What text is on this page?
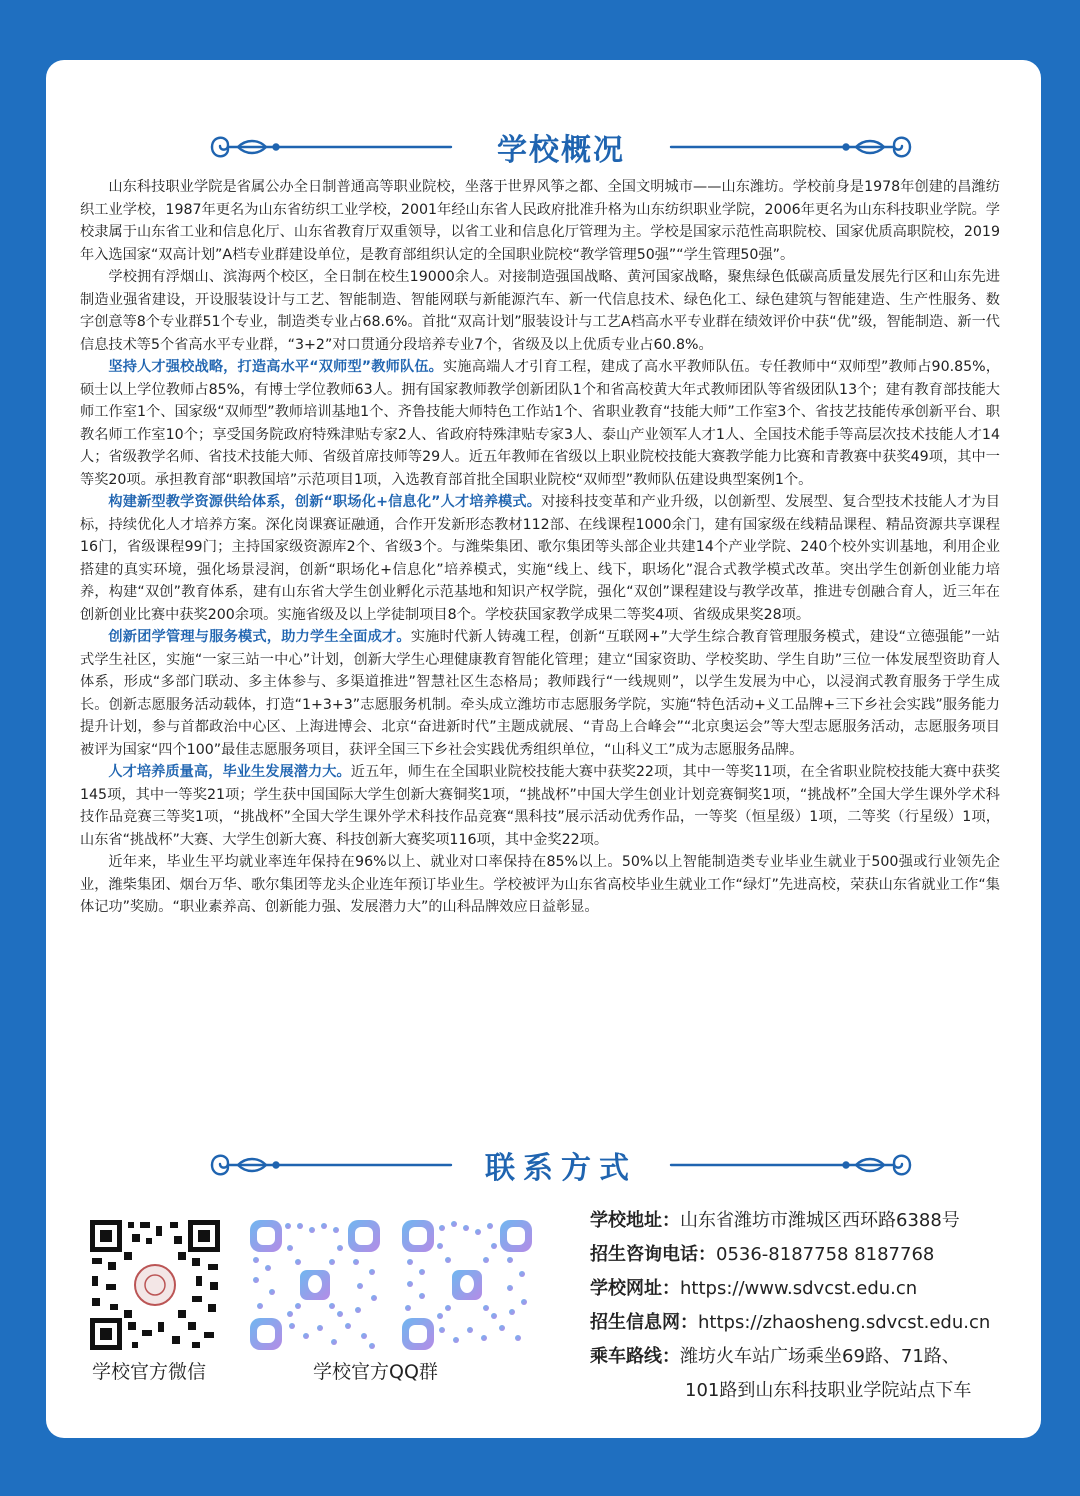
学校概况

山东科技职业学院是省属公办全日制普通高等职业院校，坐落于世界风筝之都、全国文明城市——山东潍坊。学校前身是1978年创建的昌潍纺织工业学校，1987年更名为山东省纺织工业学校，2001年经山东省人民政府批准升格为山东纺织职业学院，2006年更名为山东科技职业学院。学校隶属于山东省工业和信息化厅、山东省教育厅双重领导，以省工业和信息化厅管理为主。学校是国家示范性高职院校、国家优质高职院校，2019年入选国家“双高计划”A档专业群建设单位，是教育部组织认定的全国职业院校“教学管理50强”“学生管理50强”。

学校拥有浮烟山、滨海两个校区，全日制在校生19000余人。对接制造强国战略、黄河国家战略，聚焦绿色低碳高质量发展先行区和山东先进制造业强省建设，开设服装设计与工艺、智能制造、智能网联与新能源汽车、新一代信息技术、绿色化工、绿色建筑与智能建造、生产性服务、数字创意等8个专业群51个专业，制造类专业占68.6%。首批“双高计划”服装设计与工艺A档高水平专业群在绩效评价中获“优”级，智能制造、新一代信息技术等5个省高水平专业群，“3+2”对口贯通分段培养专业7个，省级及以上优质专业占60.8%。

坚持人才强校战略，打造高水平“双师型”教师队伍。实施高端人才引育工程，建成了高水平教师队伍。专任教师中“双师型”教师占90.85%，硕士以上学位教师占85%，有博士学位教师63人。拥有国家教师教学创新团队1个和省高校黄大年式教师团队等省级团队13个；建有教育部技能大师工作室1个、国家级“双师型”教师培训基地1个、齐鲁技能大师特色工作站1个、省职业教育“技能大师”工作室3个、省技艺技能传承创新平台、职教名师工作室10个；享受国务院政府特殊津贴专家2人、省政府特殊津贴专家3人、泰山产业领军人才1人、全国技术能手等高层次技术技能人才14人；省级教学名师、省技术技能大师、省级首席技师等29人。近五年教师在省级以上职业院校技能大赛教学能力比赛和青教赛中获奖49项，其中一等奖20项。承担教育部“职教国培”示范项目1项，入选教育部首批全国职业院校“双师型”教师队伍建设典型案例1个。

构建新型教学资源供给体系，创新“职场化+信息化”人才培养模式。对接科技变革和产业升级，以创新型、发展型、复合型技术技能人才为目标，持续优化人才培养方案。深化岗课赛证融通，合作开发新形态教材112部、在线课程1000余门，建有国家级在线精品课程、精品资源共享课程16门，省级课程99门；主持国家级资源库2个、省级3个。与潍柴集团、歌尔集团等头部企业共建14个产业学院、240个校外实训基地，利用企业搭建的真实环境，强化场景浸润，创新“职场化+信息化”培养模式，实施“线上、线下，职场化”混合式教学模式改革。突出学生创新创业能力培养，构建“双创”教育体系，建有山东省大学生创业孵化示范基地和知识产权学院，强化“双创”课程建设与教学改革，推进专创融合育人，近三年在创新创业比赛中获奖200余项。实施省级及以上学徒制项目8个。学校获国家教学成果二等奖4项、省级成果奖28项。

创新团学管理与服务模式，助力学生全面成才。实施时代新人铸魂工程，创新“互联网+”大学生综合教育管理服务模式，建设“立德强能”一站式学生社区，实施“一家三站一中心”计划，创新大学生心理健康教育智能化管理；建立“国家资助、学校奖助、学生自助”三位一体发展型资助育人体系，形成“多部门联动、多主体参与、多渠道推进”智慧社区生态格局；教师践行“一线规则”，以学生发展为中心，以浸润式教育服务于学生成长。创新志愿服务活动载体，打造“1+3+3”志愿服务机制。牵头成立潍坊市志愿服务学院，实施“特色活动+义工品牌+三下乡社会实践”服务能力提升计划，参与首都政治中心区、上海进博会、北京“奋进新时代”主题成就展、“青岛上合峰会”“北京奥运会”等大型志愿服务活动，志愿服务项目被评为国家“四个100”最佳志愿服务项目，获评全国三下乡社会实践优秀组织单位，“山科义工”成为志愿服务品牌。

人才培养质量高，毕业生发展潜力大。近五年，师生在全国职业院校技能大赛中获奖22项，其中一等奖11项，在全省职业院校技能大赛中获奖145项，其中一等奖21项；学生获中国国际大学生创新大赛铜奖1项，“挑战杯”中国大学生创业计划竞赛铜奖1项，“挑战杯”全国大学生课外学术科技作品竞赛三等奖1项，“挑战杯”全国大学生课外学术科技作品竞赛“黑科技”展示活动优秀作品，一等奖（恒星级）1项，二等奖（行星级）1项，山东省“挑战杯”大赛、大学生创新大赛、科技创新大赛奖项116项，其中金奖22项。

近年来，毕业生平均就业率连年保持在96%以上、就业对口率保持在85%以上。50%以上智能制造类专业毕业生就业于500强或行业领先企业，潍柴集团、烟台万华、歌尔集团等龙头企业连年预订毕业生。学校被评为山东省高校毕业生就业工作“绿灯”先进高校，荣获山东省就业工作“集体记功”奖励。“职业素养高、创新能力强、发展潜力大”的山科品牌效应日益彰显。

联系方式
学校官方微信	学校官方QQ群
学校地址：山东省潍坊市潍城区西环路6388号
招生咨询电话：0536-8187758 8187768
学校网址：https://www.sdvcst.edu.cn
招生信息网：https://zhaosheng.sdvcst.edu.cn
乘车路线：潍坊火车站广场乘坐69路、71路、
101路到山东科技职业学院站点下车
